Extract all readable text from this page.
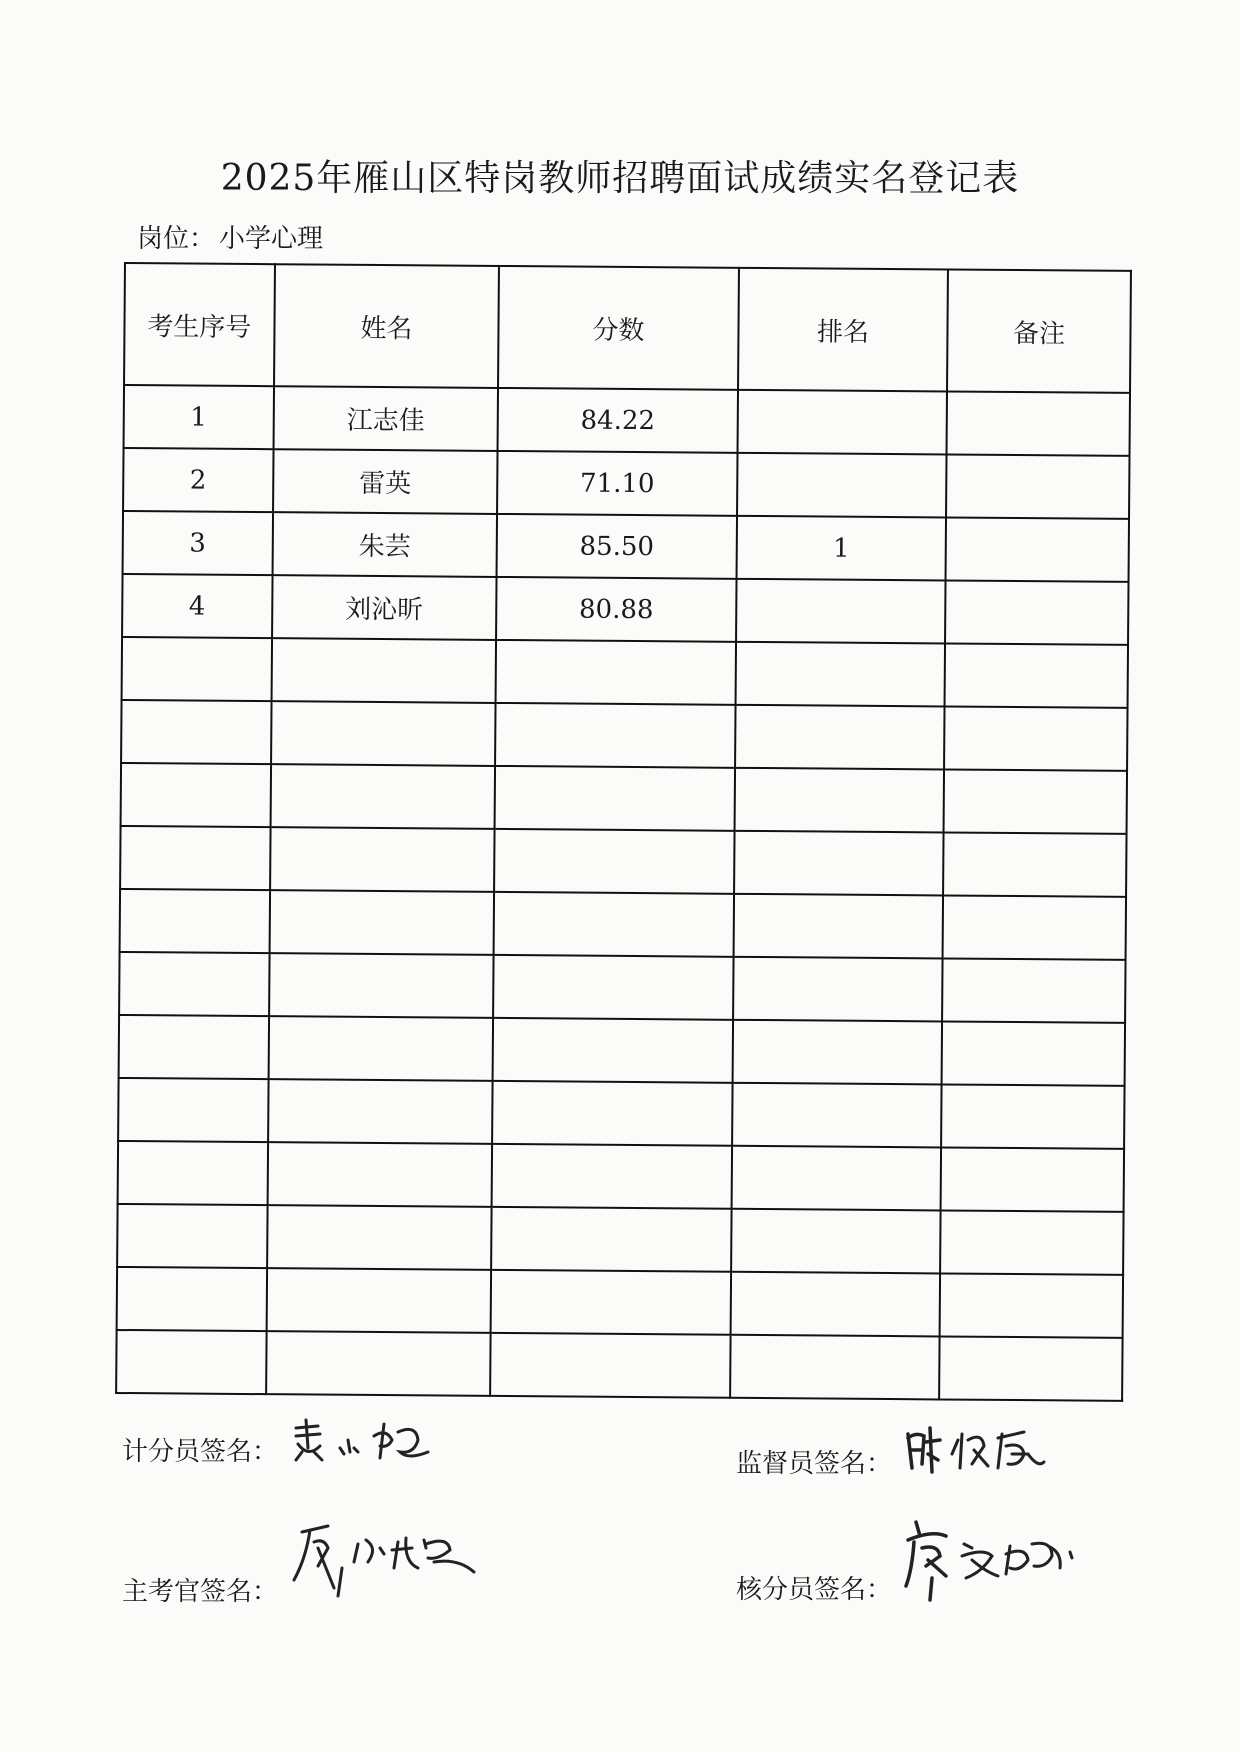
2025年雁山区特岗教师招聘面试成绩实名登记表
岗位： 小学心理
考生序号	姓名	分数	排名	备注
1	江志佳	84.22		
2	雷英	71.10		
3	朱芸	85.50	1	
4	刘沁昕	80.88		

计分员签名：	监督员签名：
主考官签名：	核分员签名：
